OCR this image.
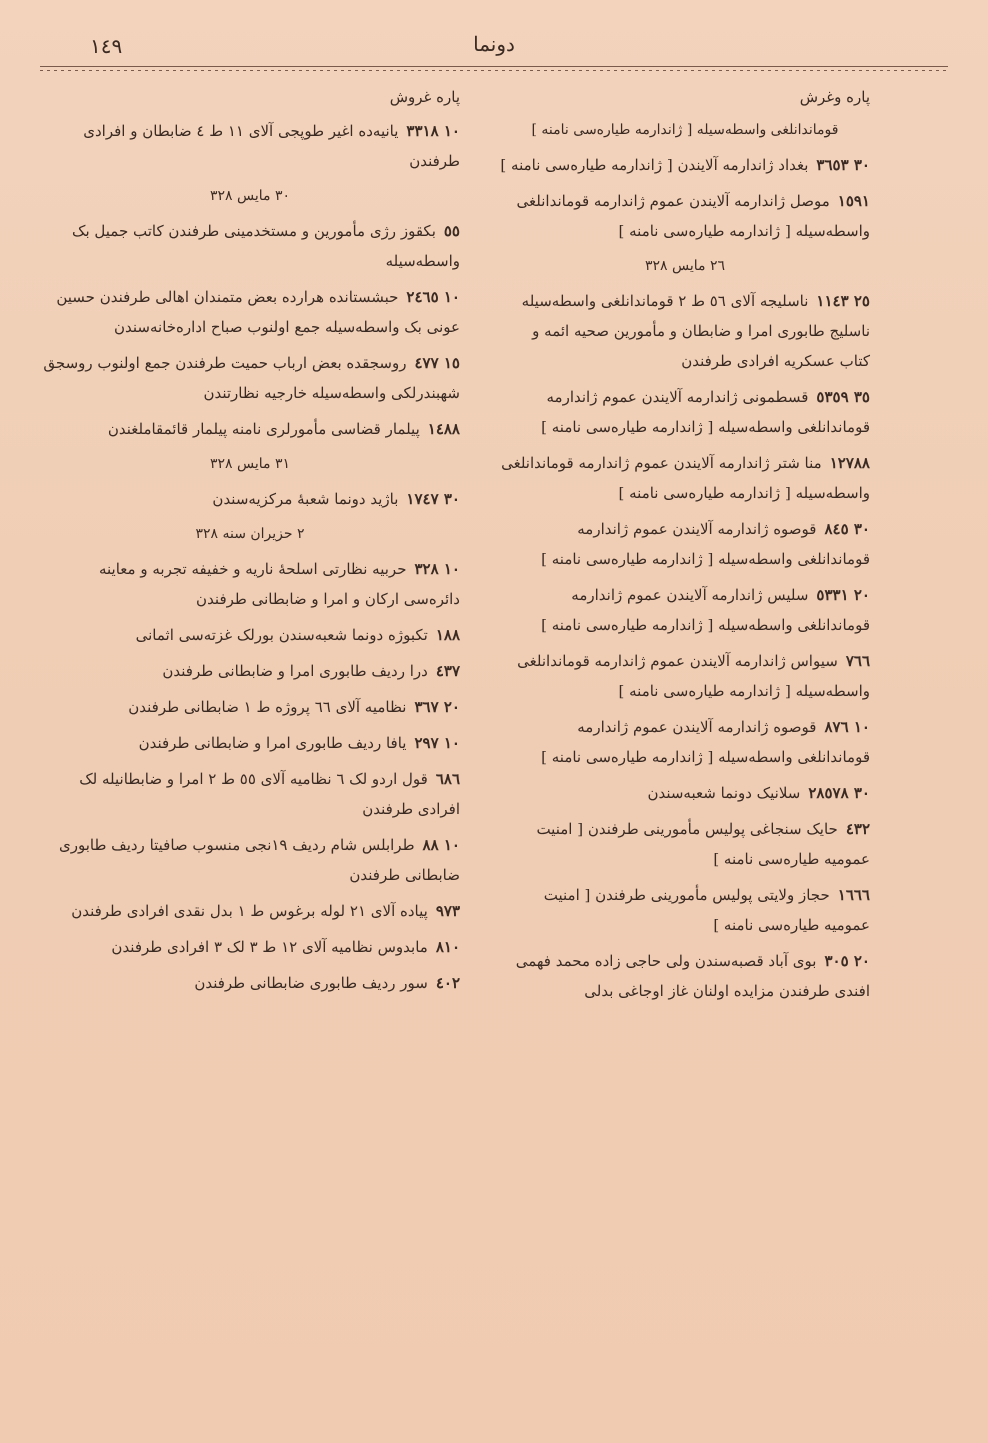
١٤٩	دونما
پاره وغرش
قوماندانلغی واسطه‌سیله [ ژاندارمه طیاره‌سی نامنه ]
٣٠ ٣٦٥٣بغداد ژاندارمه آلایندن [ ژاندارمه طیاره‌سی نامنه ]
١٥٩١موصل ژاندارمه آلایندن عموم ژاندارمه قوماندانلغی واسطه‌سیله [ ژاندارمه طیاره‌سی نامنه ]
٢٦ مایس ٣٢٨
٢٥ ١١٤٣ناسلیجه آلای ٥٦ ط ٢ قوماندانلغی واسطه‌سیله ناسلیج طابوری امرا و ضابطان و مأمورین صحیه ائمه و کتاب عسکریه افرادی طرفندن
٣٥ ٥٣٥٩قسطمونی ژاندارمه آلایندن عموم ژاندارمه قوماندانلغی واسطه‌سیله [ ژاندارمه طیاره‌سی نامنه ]
١٢٧٨٨منا شتر ژاندارمه آلایندن عموم ژاندارمه قوماندانلغی واسطه‌سیله [ ژاندارمه طیاره‌سی نامنه ]
٣٠ ٨٤٥قوصوه ژاندارمه آلایندن عموم ژاندارمه قوماندانلغی واسطه‌سیله [ ژاندارمه طیاره‌سی نامنه ]
٢٠ ٥٣٣١سلیس ژاندارمه آلایندن عموم ژاندارمه قوماندانلغی واسطه‌سیله [ ژاندارمه طیاره‌سی نامنه ]
٧٦٦سیواس ژاندارمه آلایندن عموم ژاندارمه قوماندانلغی واسطه‌سیله [ ژاندارمه طیاره‌سی نامنه ]
١٠ ٨٧٦قوصوه ژاندارمه آلایندن عموم ژاندارمه قوماندانلغی واسطه‌سیله [ ژاندارمه طیاره‌سی نامنه ]
٣٠ ٢٨٥٧٨سلانیک دونما شعبه‌سندن
٤٣٢حایک سنجاغی پولیس مأمورینی طرفندن [ امنیت عمومیه طیاره‌سی نامنه ]
١٦٦٦حجاز ولایتی پولیس مأمورینی طرفندن [ امنیت عمومیه طیاره‌سی نامنه ]
٢٠ ٣٠٥بوی آباد قصبه‌سندن ولی حاجی زاده محمد فهمی افندی طرفندن مزایده اولنان غاز اوجاغی بدلی
پاره غروش
١٠ ٣٣١٨یانیه‌ده اغیر طوپجی آلای ١١ ط ٤ ضابطان و افرادی طرفندن
٣٠ مایس ٣٢٨
٥٥بکقوز رژی مأمورین و مستخدمینی طرفندن کاتب جمیل بک واسطه‌سیله
١٠ ٢٤٦٥حبشستانده هرارده بعض متمندان اهالی طرفندن حسین عونی بک واسطه‌سیله جمع اولنوب صباح اداره‌خانه‌سندن
١٥ ٤٧٧روسجقده بعض ارباب حمیت طرفندن جمع اولنوب روسجق شهبندرلکی واسطه‌سیله خارجیه نظارتندن
١٤٨٨پیلمار قضاسی مأمورلری نامنه پیلمار قائمقاملغندن
٣١ مایس ٣٢٨
٣٠ ١٧٤٧باژید دونما شعبهٔ مرکزیه‌سندن
٢ حزیران سنه ٣٢٨
١٠ ٣٢٨حربیه نظارتی اسلحهٔ ناریه و خفیفه تجربه و معاینه دائره‌سی ارکان و امرا و ضابطانی طرفندن
١٨٨تکبوژه دونما شعبه‌سندن بورلک غزته‌سی اثمانی
٤٣٧درا ردیف طابوری امرا و ضابطانی طرفندن
٢٠ ٣٦٧نظامیه آلای ٦٦ پروژه ط ١ ضابطانی طرفندن
١٠ ٢٩٧یافا ردیف طابوری امرا و ضابطانی طرفندن
٦٨٦قول اردو لک ٦ نظامیه آلای ٥٥ ط ٢ امرا و ضابطانیله لک افرادی طرفندن
١٠ ٨٨طرابلس شام ردیف ١٩نجی منسوب صافیتا ردیف طابوری ضابطانی طرفندن
٩٧٣پیاده آلای ٢١ لوله برغوس ط ١ بدل نقدی افرادی طرفندن
٨١٠مابدوس نظامیه آلای ١٢ ط ٣ لک ٣ افرادی طرفندن
٤٠٢سور ردیف طابوری ضابطانی طرفندن
